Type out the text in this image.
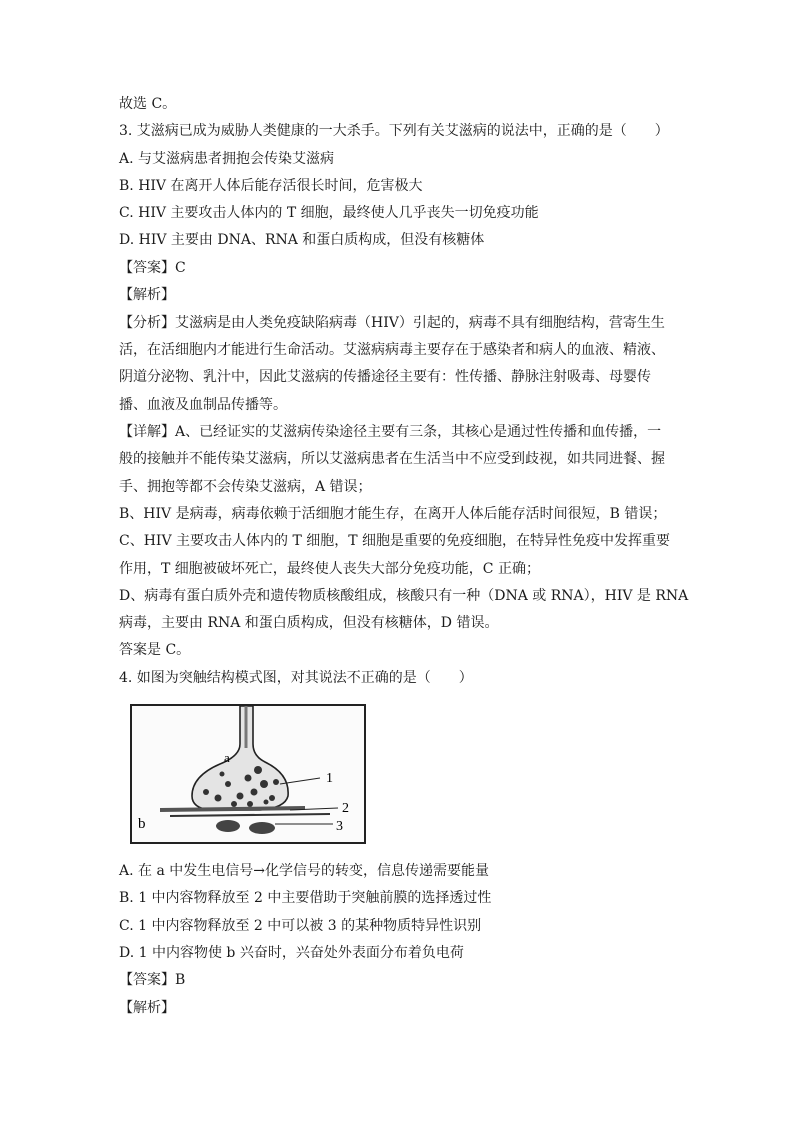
故选 C。
3. 艾滋病已成为威胁人类健康的一大杀手。下列有关艾滋病的说法中，正确的是（　　）
A. 与艾滋病患者拥抱会传染艾滋病
B. HIV 在离开人体后能存活很长时间，危害极大
C. HIV 主要攻击人体内的 T 细胞，最终使人几乎丧失一切免疫功能
D. HIV 主要由 DNA、RNA 和蛋白质构成，但没有核糖体
【答案】C
【解析】
【分析】艾滋病是由人类免疫缺陷病毒（HIV）引起的，病毒不具有细胞结构，营寄生生
活，在活细胞内才能进行生命活动。艾滋病病毒主要存在于感染者和病人的血液、精液、
阴道分泌物、乳汁中，因此艾滋病的传播途径主要有：性传播、静脉注射吸毒、母婴传
播、血液及血制品传播等。
【详解】A、已经证实的艾滋病传染途径主要有三条，其核心是通过性传播和血传播，一
般的接触并不能传染艾滋病，所以艾滋病患者在生活当中不应受到歧视，如共同进餐、握
手、拥抱等都不会传染艾滋病，A 错误；
B、HIV 是病毒，病毒依赖于活细胞才能生存，在离开人体后能存活时间很短，B 错误；
C、HIV 主要攻击人体内的 T 细胞，T 细胞是重要的免疫细胞，在特异性免疫中发挥重要
作用，T 细胞被破坏死亡，最终使人丧失大部分免疫功能，C 正确；
D、病毒有蛋白质外壳和遗传物质核酸组成，核酸只有一种（DNA 或 RNA），HIV 是 RNA
病毒，主要由 RNA 和蛋白质构成，但没有核糖体，D 错误。
答案是 C。
4. 如图为突触结构模式图，对其说法不正确的是（　　）
1
2
3
a
b
A. 在 a 中发生电信号→化学信号的转变，信息传递需要能量
B. 1 中内容物释放至 2 中主要借助于突触前膜的选择透过性
C. 1 中内容物释放至 2 中可以被 3 的某种物质特异性识别
D. 1 中内容物使 b 兴奋时，兴奋处外表面分布着负电荷
【答案】B
【解析】
